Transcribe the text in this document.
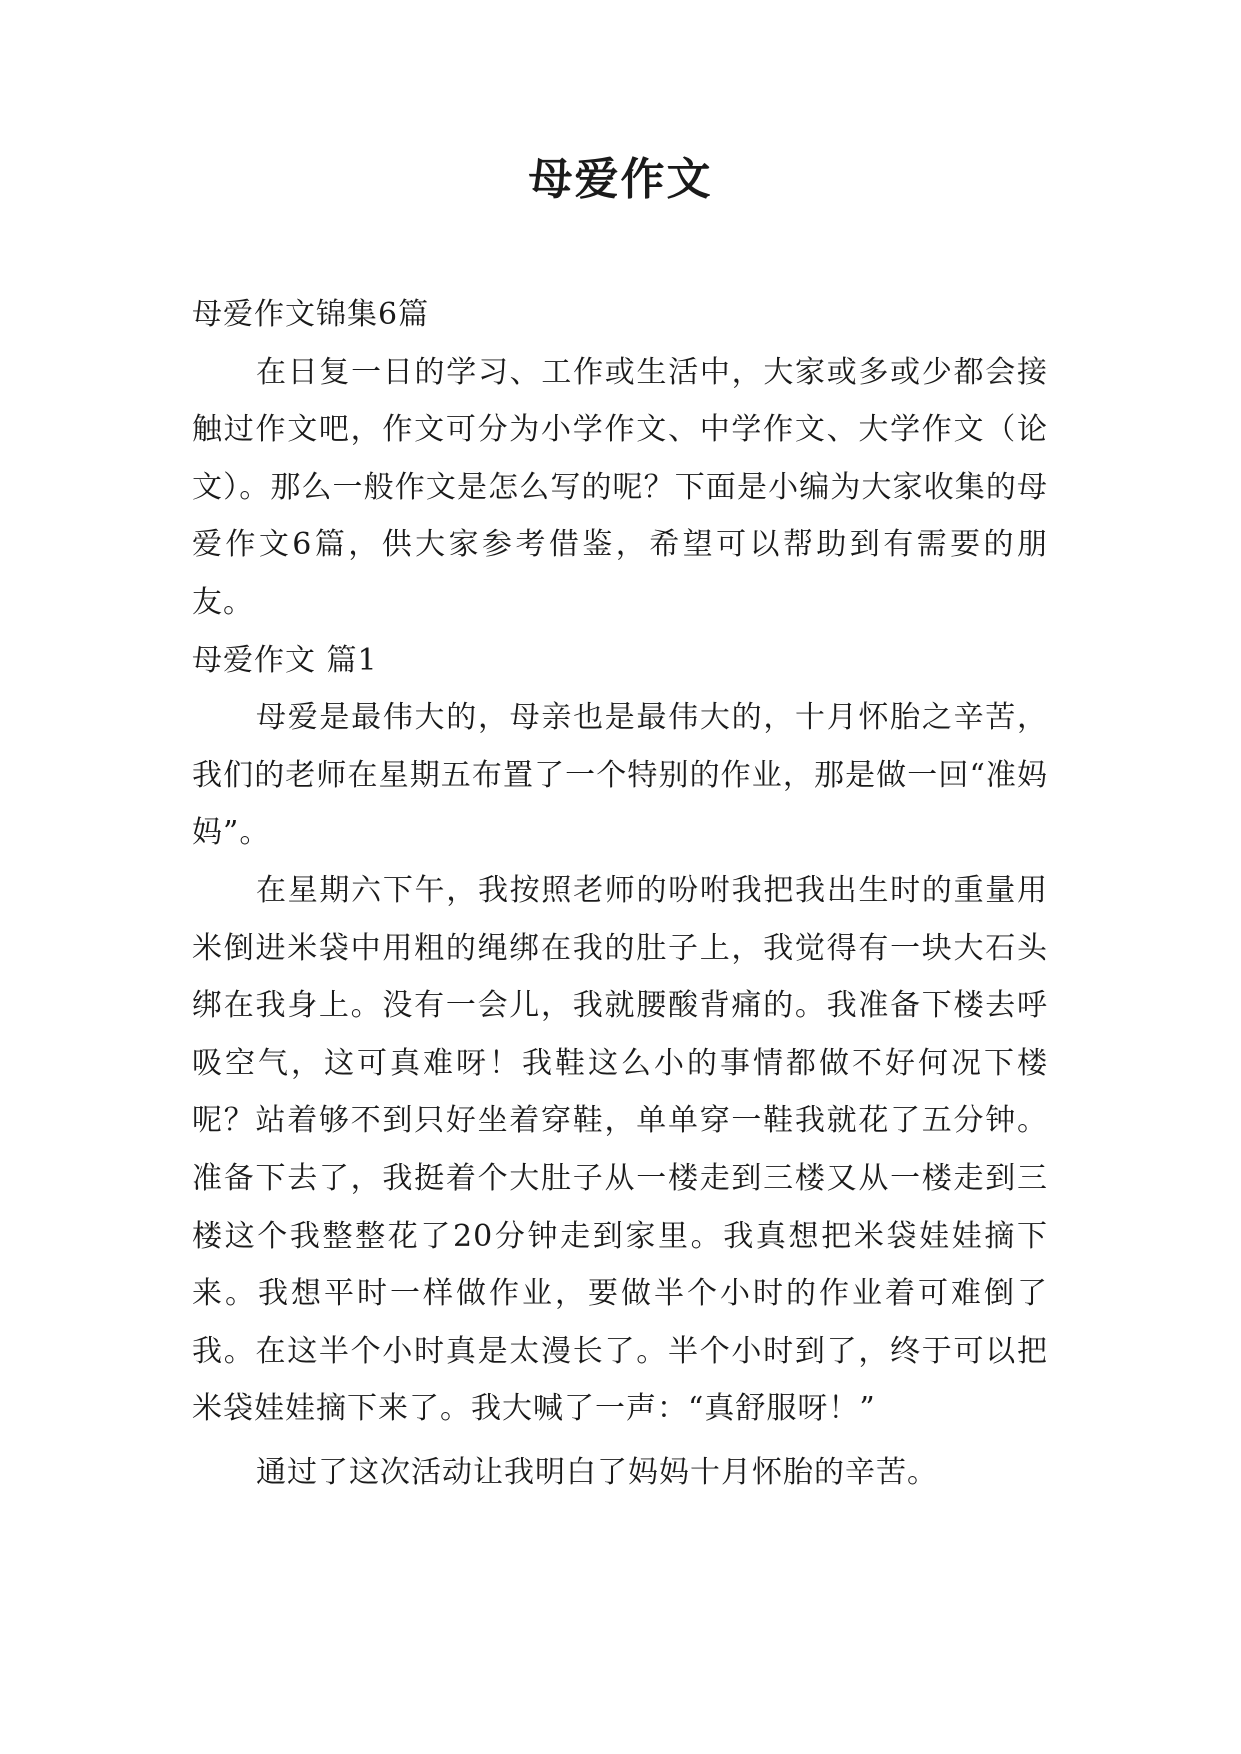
母爱作文

母爱作文锦集6篇

在日复一日的学习、工作或生活中，大家或多或少都会接触过作文吧，作文可分为小学作文、中学作文、大学作文（论文）。那么一般作文是怎么写的呢？下面是小编为大家收集的母爱作文6篇，供大家参考借鉴，希望可以帮助到有需要的朋友。

母爱作文 篇1

母爱是最伟大的，母亲也是最伟大的，十月怀胎之辛苦，我们的老师在星期五布置了一个特别的作业，那是做一回“准妈妈”。

在星期六下午，我按照老师的吩咐我把我出生时的重量用米倒进米袋中用粗的绳绑在我的肚子上，我觉得有一块大石头绑在我身上。没有一会儿，我就腰酸背痛的。我准备下楼去呼吸空气，这可真难呀！我鞋这么小的事情都做不好何况下楼呢？站着够不到只好坐着穿鞋，单单穿一鞋我就花了五分钟。准备下去了，我挺着个大肚子从一楼走到三楼又从一楼走到三楼这个我整整花了20分钟走到家里。我真想把米袋娃娃摘下来。我想平时一样做作业，要做半个小时的作业着可难倒了我。在这半个小时真是太漫长了。半个小时到了，终于可以把米袋娃娃摘下来了。我大喊了一声：“真舒服呀！”

通过了这次活动让我明白了妈妈十月怀胎的辛苦。
